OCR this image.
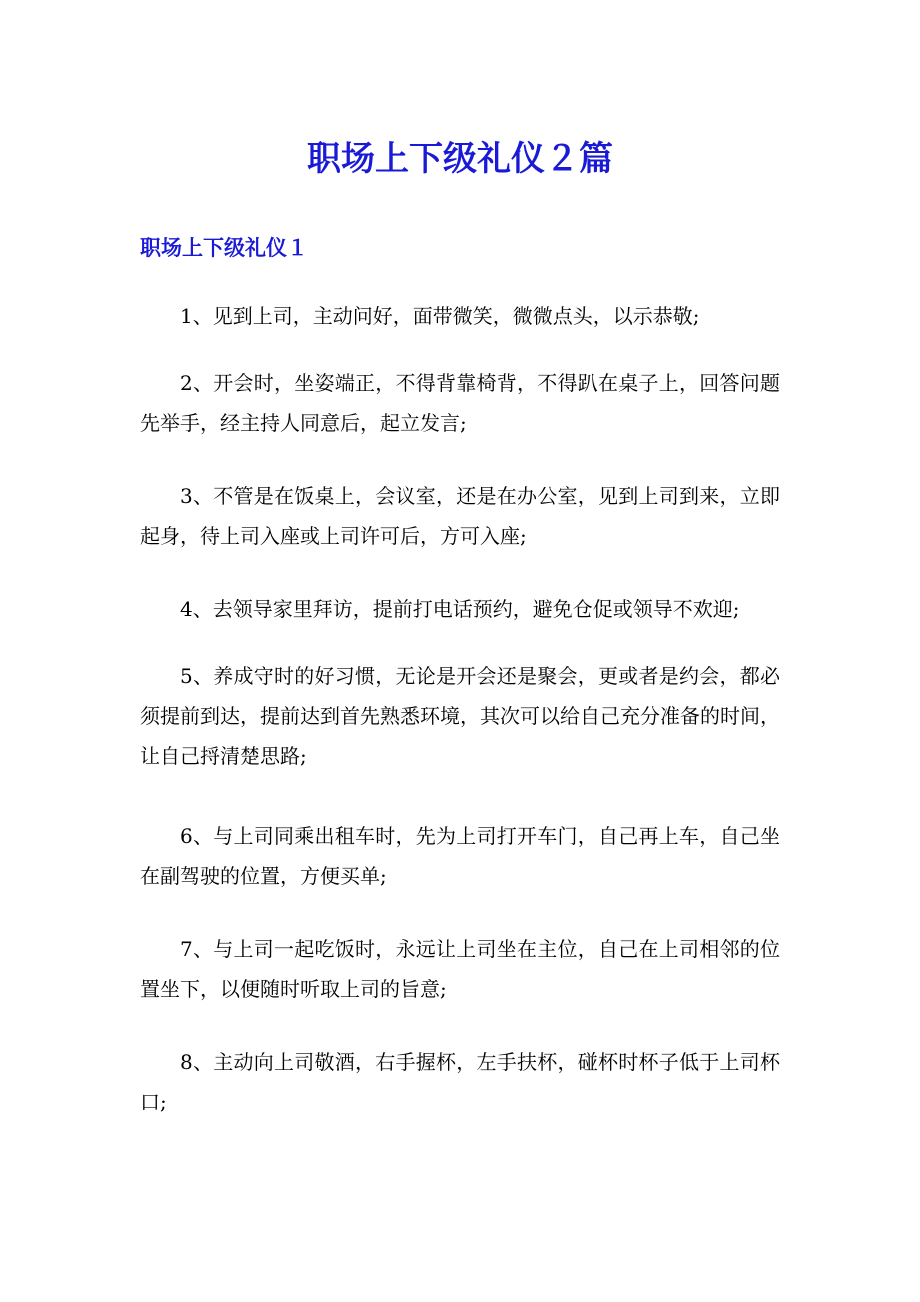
职场上下级礼仪２篇
职场上下级礼仪１

1、见到上司，主动问好，面带微笑，微微点头，以示恭敬;

2、开会时，坐姿端正，不得背靠椅背，不得趴在桌子上，回答问题先举手，经主持人同意后，起立发言;

3、不管是在饭桌上，会议室，还是在办公室，见到上司到来，立即起身，待上司入座或上司许可后，方可入座;

4、去领导家里拜访，提前打电话预约，避免仓促或领导不欢迎;

5、养成守时的好习惯，无论是开会还是聚会，更或者是约会，都必须提前到达，提前达到首先熟悉环境，其次可以给自己充分准备的时间，让自己捋清楚思路;

6、与上司同乘出租车时，先为上司打开车门，自己再上车，自己坐在副驾驶的位置，方便买单;

7、与上司一起吃饭时，永远让上司坐在主位，自己在上司相邻的位置坐下，以便随时听取上司的旨意;

8、主动向上司敬酒，右手握杯，左手扶杯，碰杯时杯子低于上司杯口;
